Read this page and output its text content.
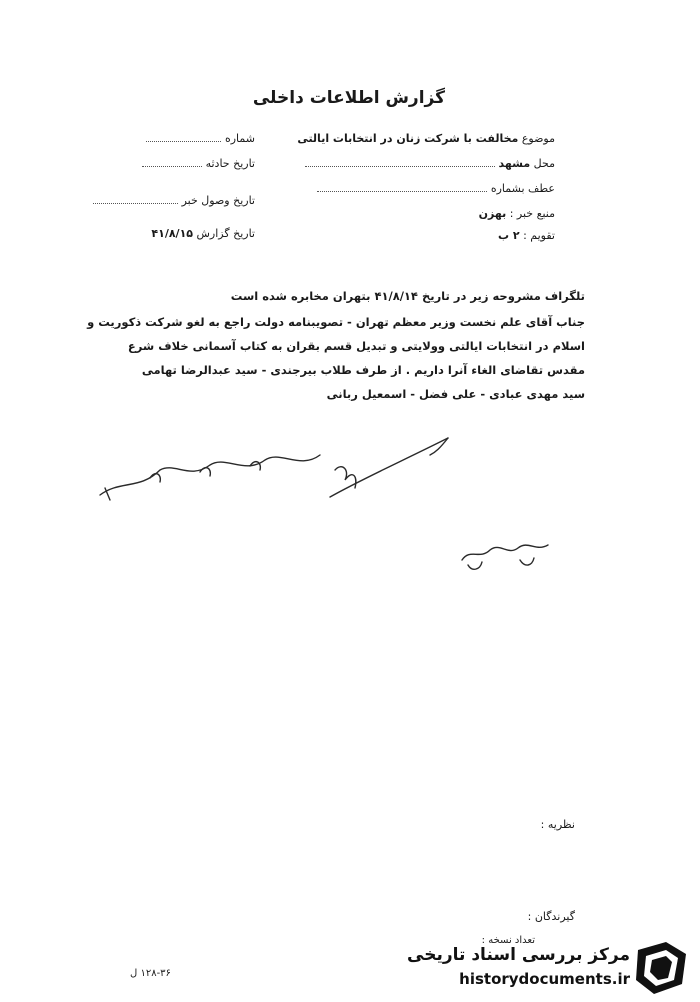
گزارش اطلاعات داخلی
موضوع مخالفت با شرکت زنان در انتخابات ایالتی
محل مشهد
عطف بشماره
منبع خبر : بهزن
تقویم : ۲ ب
شماره
تاریخ حادثه
تاریخ وصول خبر
تاریخ گزارش ۴۱/۸/۱۵
تلگراف مشروحه زیر در تاریخ ۴۱/۸/۱۴ بتهران مخابره شده است
جناب آقای علم نخست وزیر معظم تهران - تصویبنامه دولت راجع به لغو شرکت ذکوریت و
اسلام در انتخابات ایالتی وولایتی و تبدیل قسم بقران به کتاب آسمانی خلاف شرع
مقدس تقاضای الغاء آنرا داریم . از طرف طلاب بیرجندی - سید عبدالرضا تهامی
سید مهدی عبادی - علی فضل - اسمعیل ربانی
نظریه :
گیرندگان :
تعداد نسخه :
۱۲۸-۳۶ ل
مرکز بررسی اسناد تاریخی
historydocuments.ir
